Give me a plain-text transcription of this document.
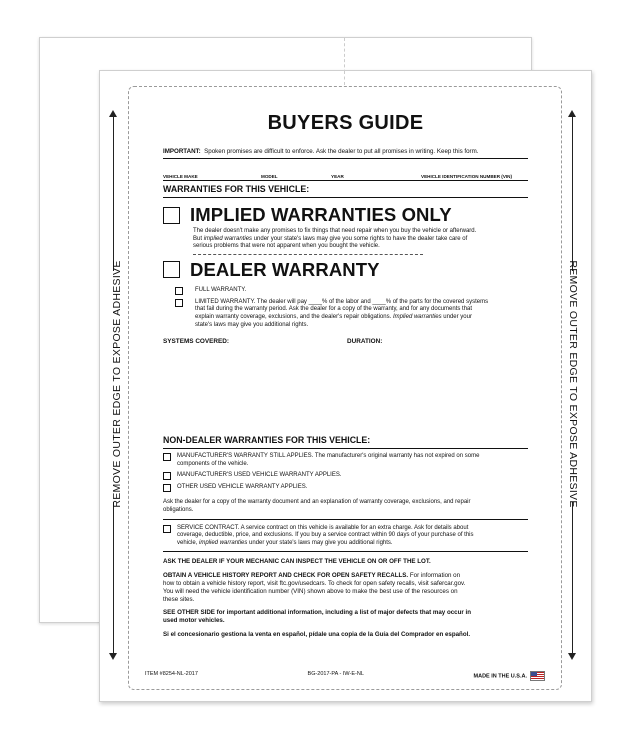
REMOVE OUTER EDGE TO EXPOSE ADHESIVE	REMOVE OUTER EDGE TO EXPOSE ADHESIVE
BUYERS GUIDE
IMPORTANT: Spoken promises are difficult to enforce. Ask the dealer to put all promises in writing. Keep this form.
VEHICLE MAKE	MODEL	YEAR	VEHICLE IDENTIFICATION NUMBER (VIN)
WARRANTIES FOR THIS VEHICLE:
IMPLIED WARRANTIES ONLY
The dealer doesn't make any promises to fix things that need repair when you buy the vehicle or afterward.
But implied warranties under your state's laws may give you some rights to have the dealer take care of
serious problems that were not apparent when you bought the vehicle.
DEALER WARRANTY
FULL WARRANTY.
LIMITED WARRANTY. The dealer will pay ____% of the labor and ____% of the parts for the covered systems
that fail during the warranty period. Ask the dealer for a copy of the warranty, and for any documents that
explain warranty coverage, exclusions, and the dealer's repair obligations. Implied warranties under your
state's laws may give you additional rights.
SYSTEMS COVERED:	DURATION:
NON-DEALER WARRANTIES FOR THIS VEHICLE:
MANUFACTURER'S WARRANTY STILL APPLIES. The manufacturer's original warranty has not expired on some
components of the vehicle.
MANUFACTURER'S USED VEHICLE WARRANTY APPLIES.
OTHER USED VEHICLE WARRANTY APPLIES.
Ask the dealer for a copy of the warranty document and an explanation of warranty coverage, exclusions, and repair
obligations.
SERVICE CONTRACT. A service contract on this vehicle is available for an extra charge. Ask for details about
coverage, deductible, price, and exclusions. If you buy a service contract within 90 days of your purchase of this
vehicle, implied warranties under your state's laws may give you additional rights.
ASK THE DEALER IF YOUR MECHANIC CAN INSPECT THE VEHICLE ON OR OFF THE LOT.
OBTAIN A VEHICLE HISTORY REPORT AND CHECK FOR OPEN SAFETY RECALLS. For information on
how to obtain a vehicle history report, visit ftc.gov/usedcars. To check for open safety recalls, visit safercar.gov.
You will need the vehicle identification number (VIN) shown above to make the best use of the resources on
these sites.
SEE OTHER SIDE for important additional information, including a list of major defects that may occur in
used motor vehicles.
Si el concesionario gestiona la venta en español, pídale una copia de la Guía del Comprador en español.
ITEM #8254-NL-2017	BG-2017-PA - IW-E-NL	MADE IN THE U.S.A.
